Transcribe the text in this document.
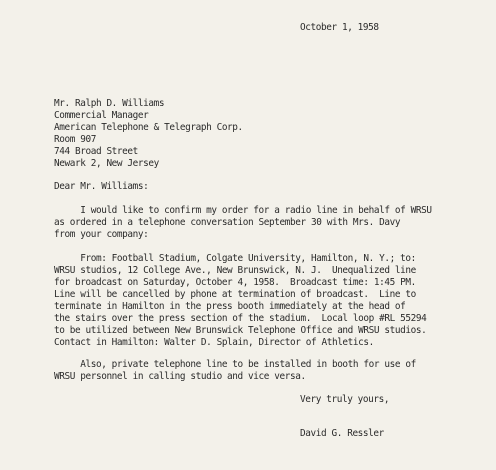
October 1, 1958
Mr. Ralph D. Williams
Commercial Manager
American Telephone & Telegraph Corp.
Room 907
744 Broad Street
Newark 2, New Jersey
Dear Mr. Williams:
I would like to confirm my order for a radio line in behalf of WRSU
as ordered in a telephone conversation September 30 with Mrs. Davy
from your company:
From: Football Stadium, Colgate University, Hamilton, N. Y.; to:
WRSU studios, 12 College Ave., New Brunswick, N. J.  Unequalized line
for broadcast on Saturday, October 4, 1958.  Broadcast time: 1:45 PM.
Line will be cancelled by phone at termination of broadcast.  Line to
terminate in Hamilton in the press booth immediately at the head of
the stairs over the press section of the stadium.  Local loop #RL 55294
to be utilized between New Brunswick Telephone Office and WRSU studios.
Contact in Hamilton: Walter D. Splain, Director of Athletics.
Also, private telephone line to be installed in booth for use of
WRSU personnel in calling studio and vice versa.
Very truly yours,
David G. Ressler
